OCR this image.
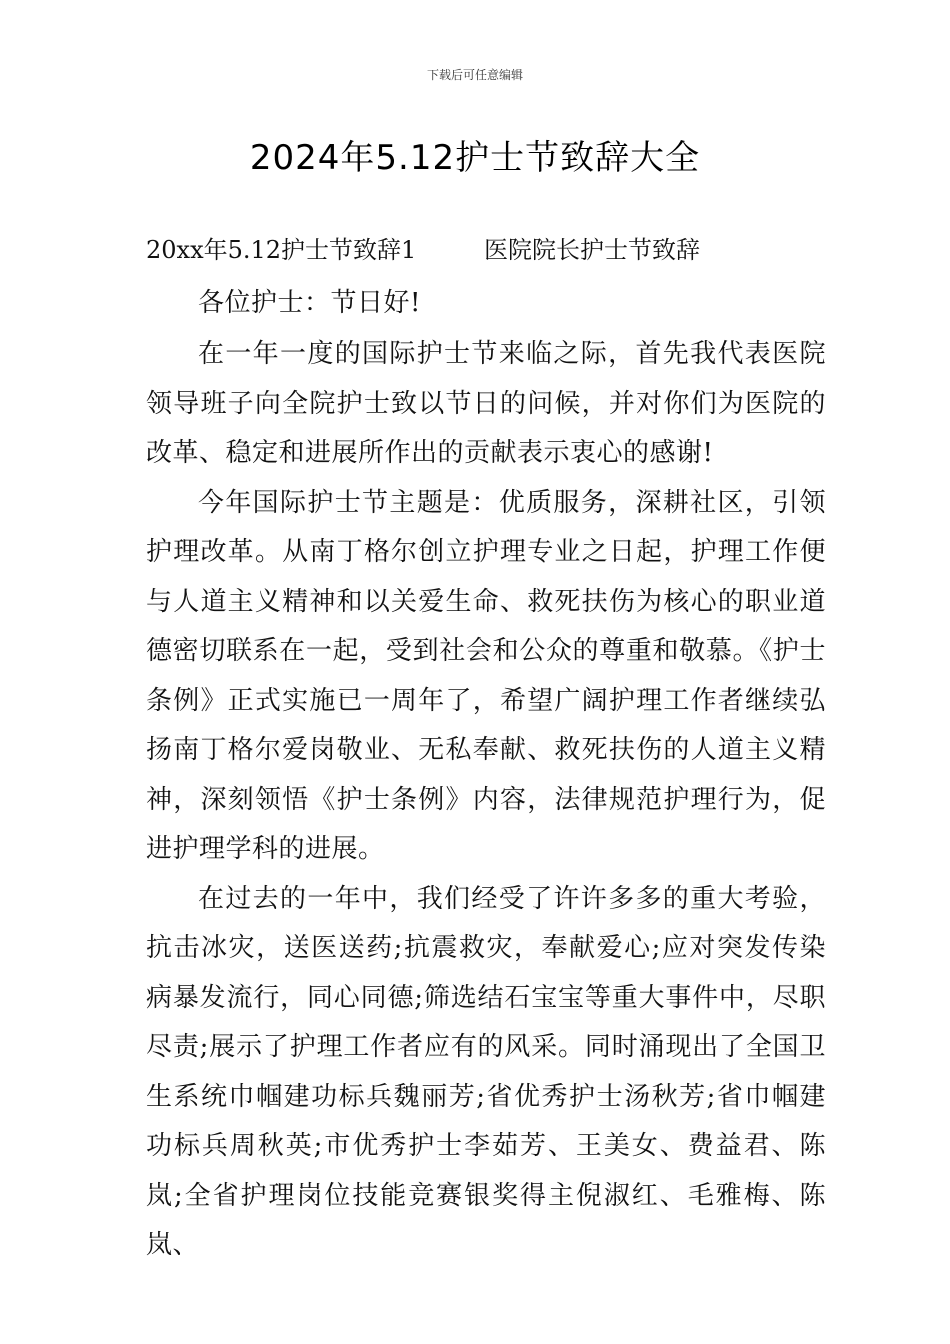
下载后可任意编辑
2024年5.12护士节致辞大全

20xx年5.12护士节致辞1	医院院长护士节致辞

各位护士：节日好!

在一年一度的国际护士节来临之际，首先我代表医院领导班子向全院护士致以节日的问候，并对你们为医院的改革、稳定和进展所作出的贡献表示衷心的感谢!

今年国际护士节主题是：优质服务，深耕社区，引领护理改革。从南丁格尔创立护理专业之日起，护理工作便与人道主义精神和以关爱生命、救死扶伤为核心的职业道德密切联系在一起，受到社会和公众的尊重和敬慕。《护士条例》正式实施已一周年了，希望广阔护理工作者继续弘扬南丁格尔爱岗敬业、无私奉献、救死扶伤的人道主义精神，深刻领悟《护士条例》内容，法律规范护理行为，促进护理学科的进展。

在过去的一年中，我们经受了许许多多的重大考验，抗击冰灾，送医送药;抗震救灾，奉献爱心;应对突发传染病暴发流行，同心同德;筛选结石宝宝等重大事件中，尽职尽责;展示了护理工作者应有的风采。同时涌现出了全国卫生系统巾帼建功标兵魏丽芳;省优秀护士汤秋芳;省巾帼建功标兵周秋英;市优秀护士李茹芳、王美女、费益君、陈岚;全省护理岗位技能竞赛银奖得主倪淑红、毛雅梅、陈岚、
